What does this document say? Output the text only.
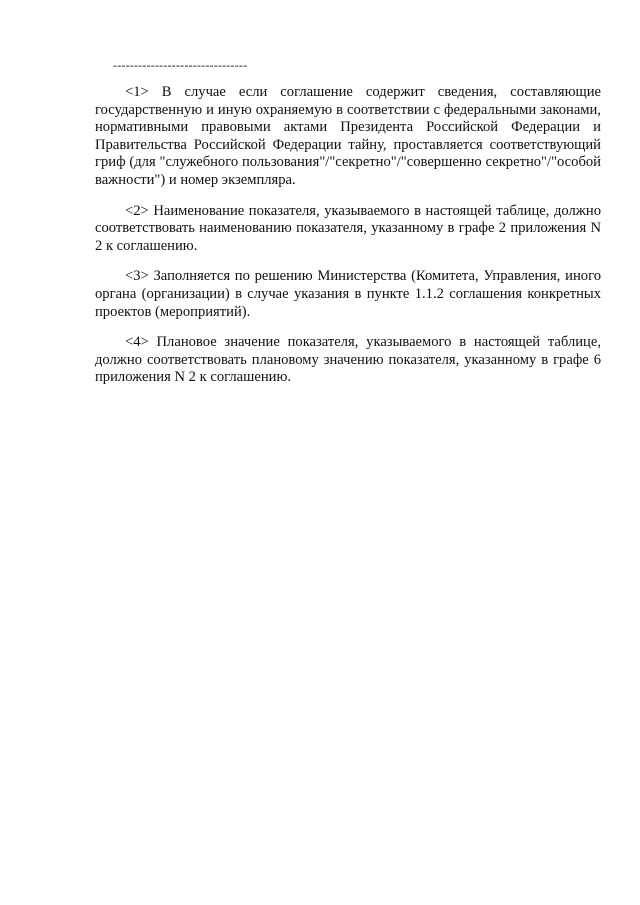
--------------------------------

<1> В случае если соглашение содержит сведения, составляющие государственную и иную охраняемую в соответствии с федеральными законами, нормативными правовыми актами Президента Российской Федерации и Правительства Российской Федерации тайну, проставляется соответствующий гриф (для "служебного пользования"/"секретно"/"совершенно секретно"/"особой важности") и номер экземпляра.

<2> Наименование показателя, указываемого в настоящей таблице, должно соответствовать наименованию показателя, указанному в графе 2 приложения N 2 к соглашению.

<3> Заполняется по решению Министерства (Комитета, Управления, иного органа (организации) в случае указания в пункте 1.1.2 соглашения конкретных проектов (мероприятий).

<4> Плановое значение показателя, указываемого в настоящей таблице, должно соответствовать плановому значению показателя, указанному в графе 6 приложения N 2 к соглашению.
